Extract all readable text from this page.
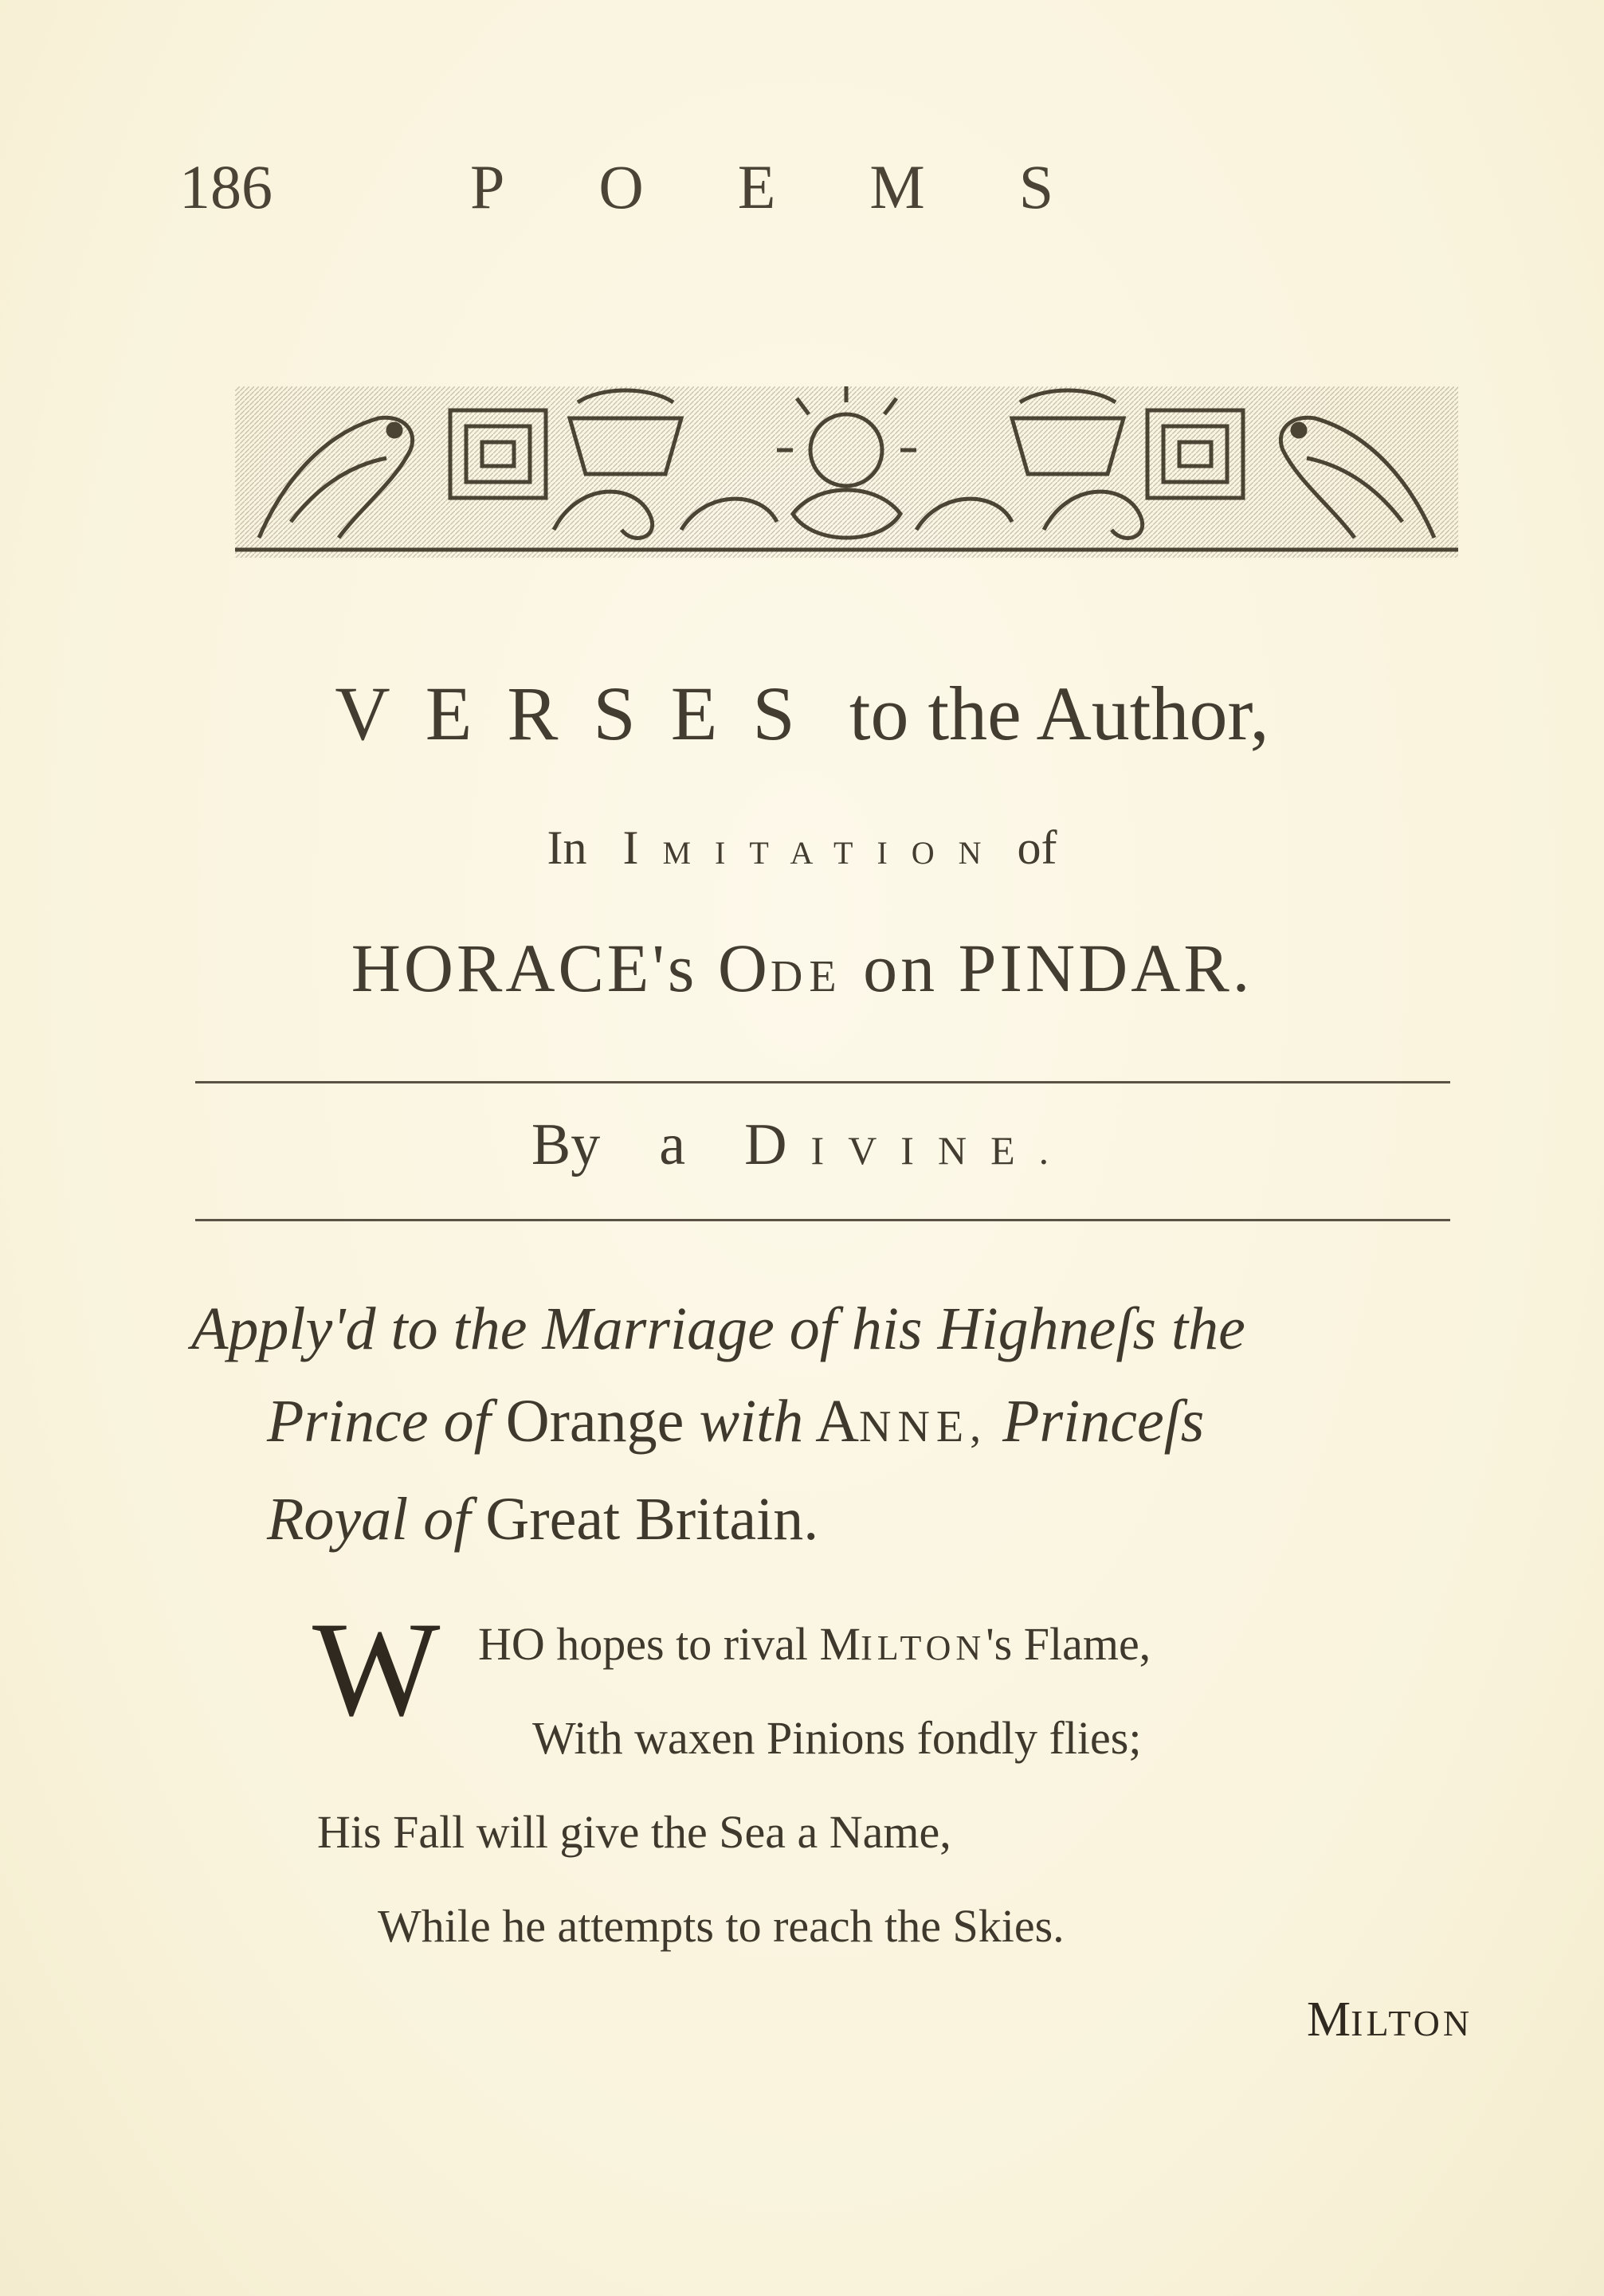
186	POEMS
VERSES to the Author,
In IMITATION of
HORACE's ODE on PINDAR.
By a DIVINE.
Apply'd to the Marriage of his Highneſs the
Prince of Orange with ANNE, Princeſs
Royal of Great Britain.
W HO hopes to rival MILTON's Flame,
With waxen Pinions fondly flies;
His Fall will give the Sea a Name,
While he attempts to reach the Skies.
MILTON
